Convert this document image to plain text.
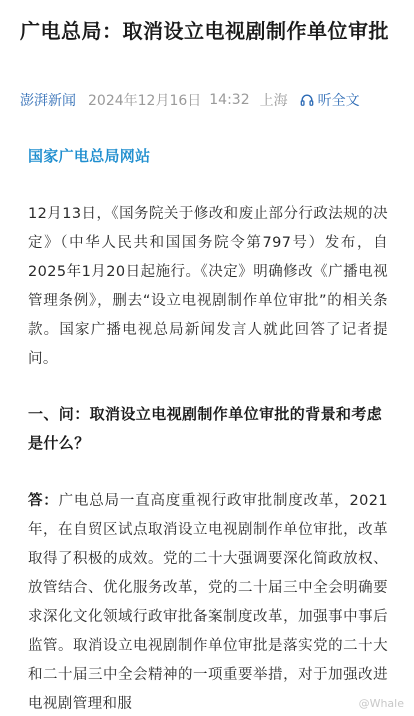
广电总局：取消设立电视剧制作单位审批
澎湃新闻 2024年12月16日 14:32 上海 听全文
国家广电总局网站

12月13日，《国务院关于修改和废止部分行政法规的决定》（中华人民共和国国务院令第797号）发布，自2025年1月20日起施行。《决定》明确修改《广播电视管理条例》，删去“设立电视剧制作单位审批”的相关条款。国家广播电视总局新闻发言人就此回答了记者提问。

一、问：取消设立电视剧制作单位审批的背景和考虑是什么？

答：广电总局一直高度重视行政审批制度改革，2021年，在自贸区试点取消设立电视剧制作单位审批，改革取得了积极的成效。党的二十大强调要深化简政放权、放管结合、优化服务改革，党的二十届三中全会明确要求深化文化领域行政审批备案制度改革，加强事中事后监管。取消设立电视剧制作单位审批是落实党的二十大和二十届三中全会精神的一项重要举措，对于加强改进电视剧管理和服	@Whale
